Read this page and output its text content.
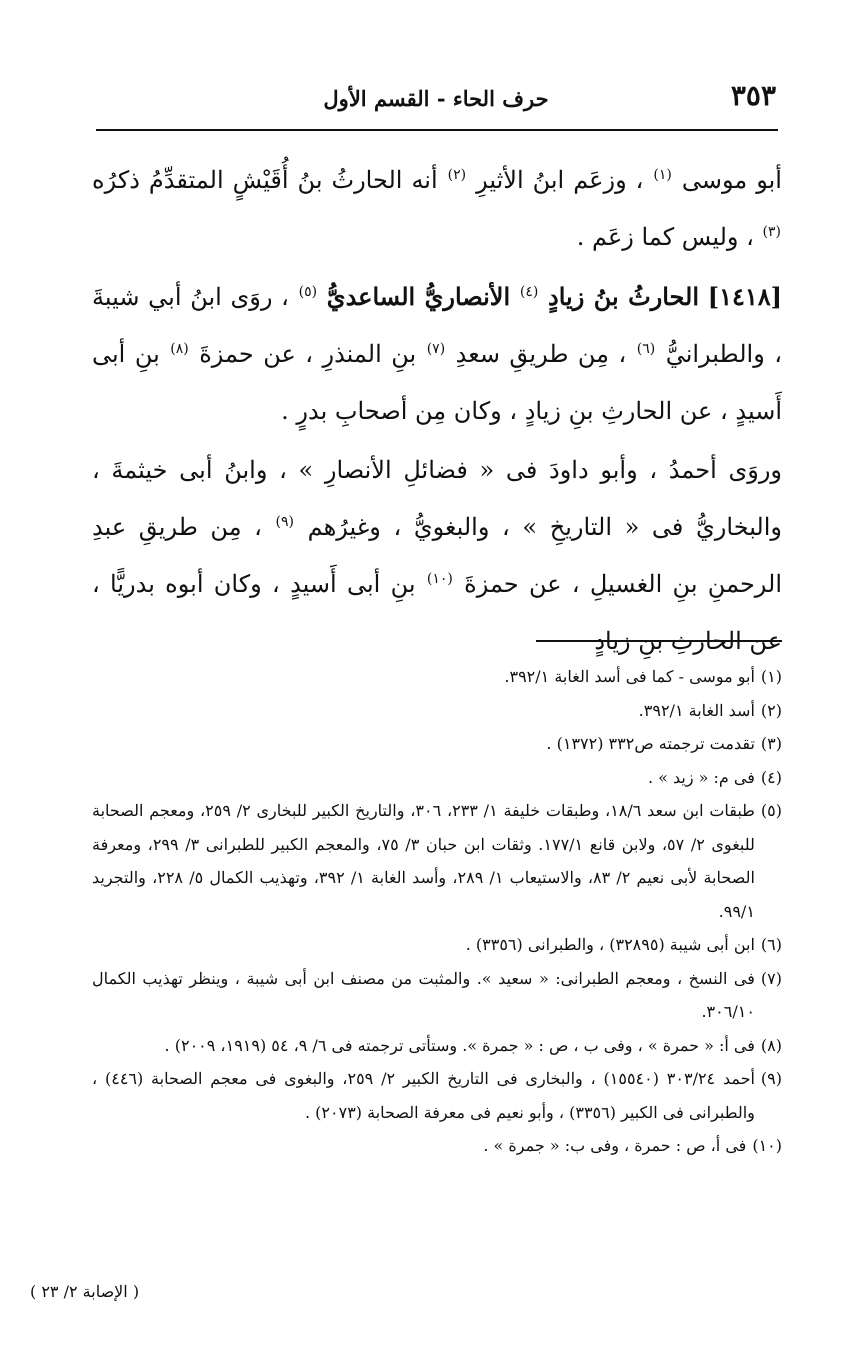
٣٥٣
حرف الحاء - القسم الأول

أبو موسى $^{(١)}$ ، وزعَم ابنُ الأثيرِ $^{(٢)}$ أنه الحارثُ بنُ أُقَيْشٍ المتقدِّمُ ذكرُه $^{(٣)}$ ، وليس كما زعَم .

[١٤١٨] الحارثُ بنُ زيادٍ $^{(٤)}$ الأنصاريُّ الساعديُّ $^{(٥)}$ ، روَى ابنُ أبي شيبةَ ، والطبرانيُّ $^{(٦)}$ ، مِن طريقِ سعدِ $^{(٧)}$ بنِ المنذرِ ، عن حمزةَ $^{(٨)}$ بنِ أبى أَسيدٍ ، عن الحارثِ بنِ زيادٍ ، وكان مِن أصحابِ بدرٍ .

وروَى أحمدُ ، وأبو داودَ فى « فضائلِ الأنصارِ » ، وابنُ أبى خيثمةَ ، والبخاريُّ فى « التاريخِ » ، والبغويُّ ، وغيرُهم $^{(٩)}$ ، مِن طريقِ عبدِ الرحمنِ بنِ الغسيلِ ، عن حمزةَ $^{(١٠)}$ بنِ أبى أَسيدٍ ، وكان أبوه بدريًّا ، عن الحارثِ بنِ زيادٍ

(١)
أبو موسى - كما فى أسد الغابة ٣٩٢/١.
(٢)
أسد الغابة ٣٩٢/١.
(٣)
تقدمت ترجمته ص٣٣٢ (١٣٧٢) .
(٤)
فى م: « زيد » .
(٥)
طبقات ابن سعد ١٨/٦، وطبقات خليفة ١/ ٢٣٣، ٣٠٦، والتاريخ الكبير للبخارى ٢/ ٢٥٩، ومعجم الصحابة للبغوى ٢/ ٥٧، ولابن قانع ١٧٧/١. وثقات ابن حبان ٣/ ٧٥، والمعجم الكبير للطبرانى ٣/ ٢٩٩، ومعرفة الصحابة لأبى نعيم ٢/ ٨٣، والاستيعاب ١/ ٢٨٩، وأسد الغابة ١/ ٣٩٢، وتهذيب الكمال ٥/ ٢٢٨، والتجريد ٩٩/١.
(٦)
ابن أبى شيبة (٣٢٨٩٥) ، والطبرانى (٣٣٥٦) .
(٧)
فى النسخ ، ومعجم الطبرانى: « سعيد ». والمثبت من مصنف ابن أبى شيبة ، وينظر تهذيب الكمال ٣٠٦/١٠.
(٨)
فى أ: « حمرة » ، وفى ب ، ص : « جمرة ». وستأتى ترجمته فى ٦/ ٩، ٥٤ (١٩١٩، ٢٠٠٩) .
(٩)
أحمد ٣٠٣/٢٤ (١٥٥٤٠) ، والبخارى فى التاريخ الكبير ٢/ ٢٥٩، والبغوى فى معجم الصحابة (٤٤٦) ، والطبرانى فى الكبير (٣٣٥٦) ، وأبو نعيم فى معرفة الصحابة (٢٠٧٣) .
(١٠)
فى أ، ص : حمرة ، وفى ب: « جمرة » .
( الإصابة ٢/ ٢٣ )
